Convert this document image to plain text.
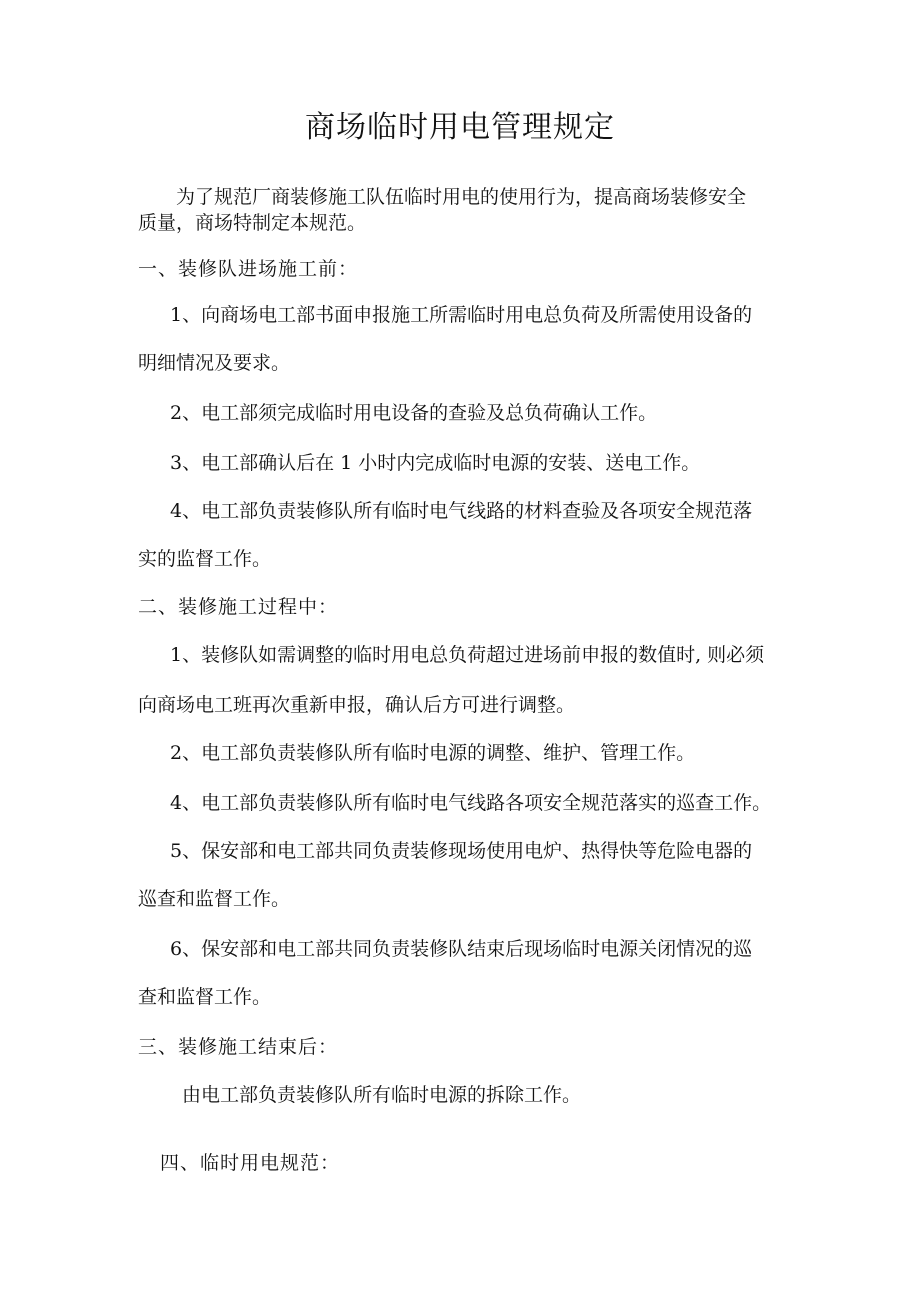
商场临时用电管理规定
为了规范厂商装修施工队伍临时用电的使用行为，提高商场装修安全
质量，商场特制定本规范。
一、装修队进场施工前：
1、向商场电工部书面申报施工所需临时用电总负荷及所需使用设备的
明细情况及要求。
2、电工部须完成临时用电设备的查验及总负荷确认工作。
3、电工部确认后在 1 小时内完成临时电源的安装、送电工作。
4、电工部负责装修队所有临时电气线路的材料查验及各项安全规范落
实的监督工作。
二、装修施工过程中：
1、装修队如需调整的临时用电总负荷超过进场前申报的数值时, 则必须
向商场电工班再次重新申报，确认后方可进行调整。
2、电工部负责装修队所有临时电源的调整、维护、管理工作。
4、电工部负责装修队所有临时电气线路各项安全规范落实的巡查工作。
5、保安部和电工部共同负责装修现场使用电炉、热得快等危险电器的
巡查和监督工作。
6、保安部和电工部共同负责装修队结束后现场临时电源关闭情况的巡
查和监督工作。
三、装修施工结束后：
由电工部负责装修队所有临时电源的拆除工作。
四、临时用电规范：
